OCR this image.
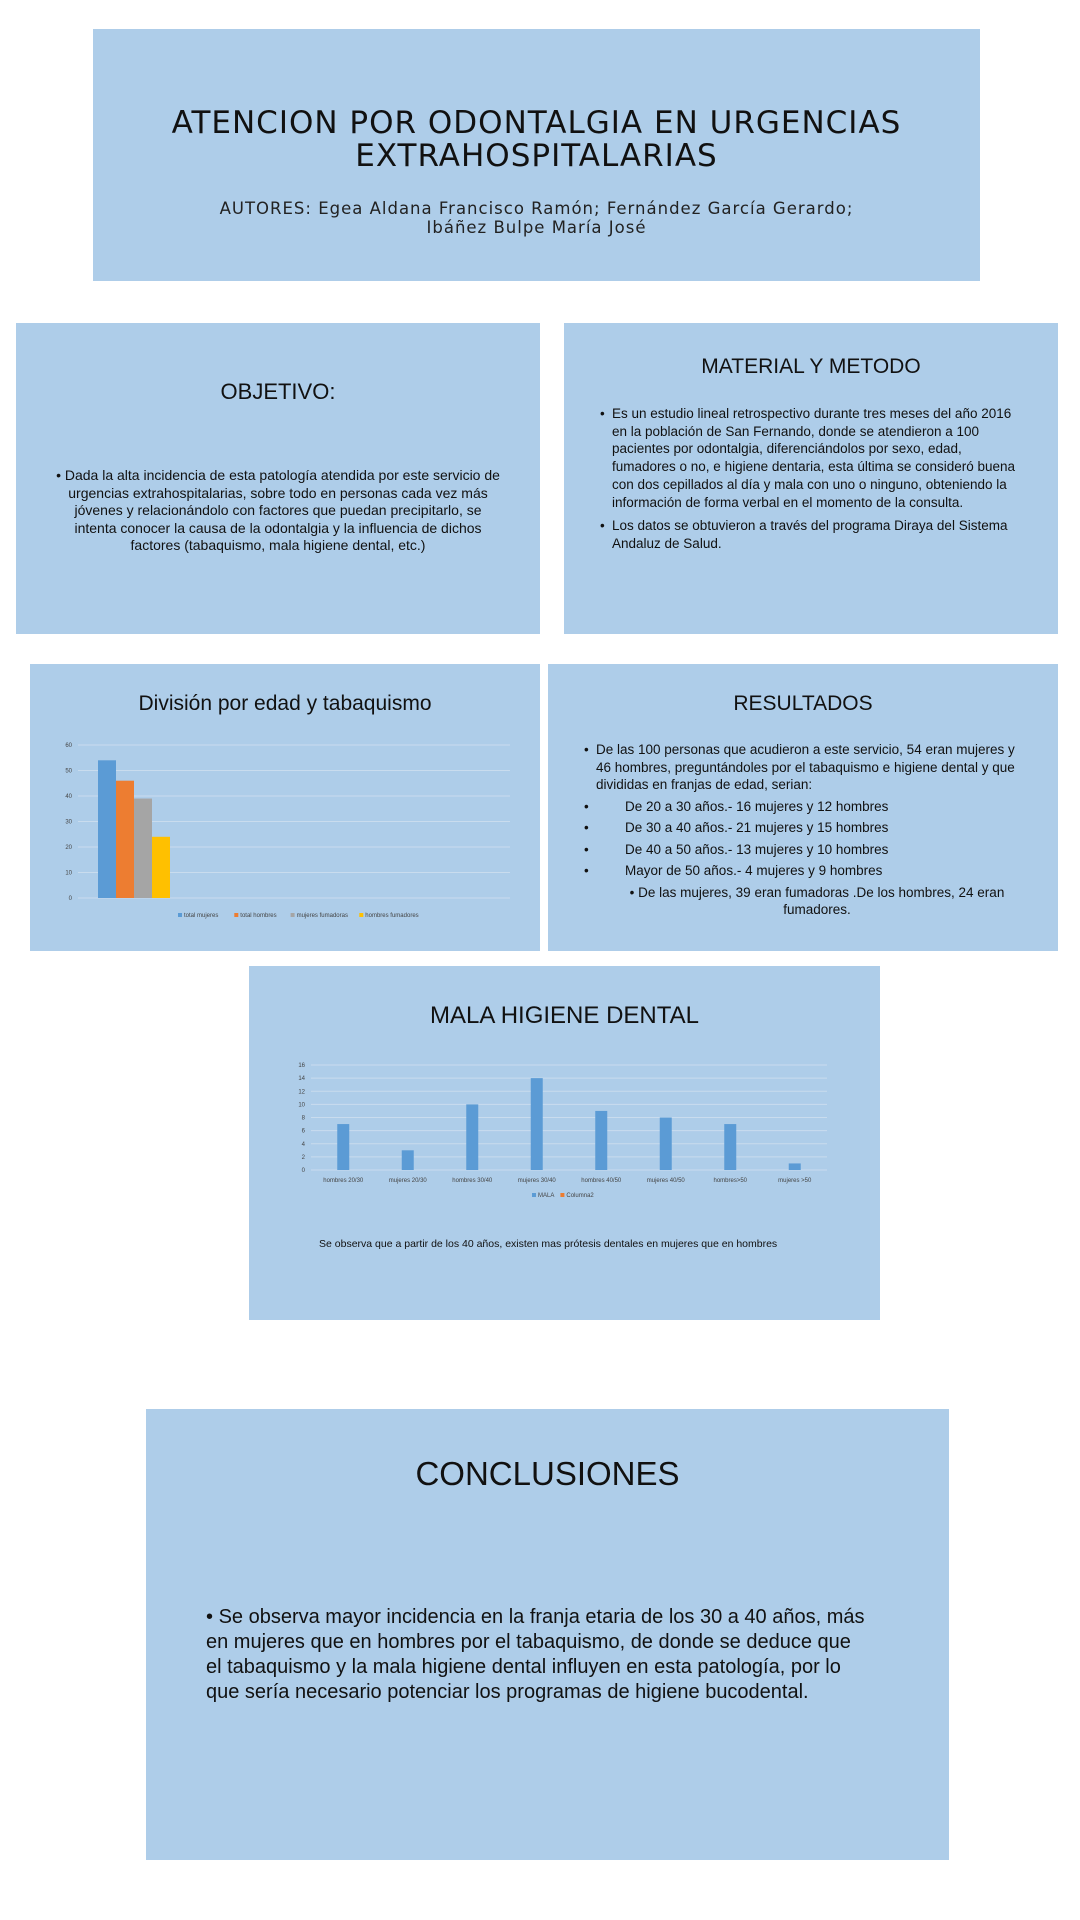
ATENCION POR ODONTALGIA EN URGENCIAS EXTRAHOSPITALARIAS
AUTORES: Egea Aldana Francisco Ramón; Fernández García Gerardo; Ibáñez Bulpe María José
OBJETIVO:
• Dada la alta incidencia de esta patología atendida por este servicio de urgencias extrahospitalarias, sobre todo en personas cada vez más jóvenes y relacionándolo con factores que puedan precipitarlo, se intenta conocer la causa de la odontalgia y la influencia de dichos factores (tabaquismo, mala higiene dental, etc.)
MATERIAL Y METODO
• Es un estudio lineal retrospectivo durante tres meses del año 2016 en la población de San Fernando, donde se atendieron a 100 pacientes por odontalgia, diferenciándolos por sexo, edad, fumadores o no, e higiene dentaria, esta última se consideró buena con dos cepillados al día y mala con uno o ninguno, obteniendo la información de forma verbal en el momento de la consulta.
• Los datos se obtuvieron a través del programa Diraya del Sistema Andaluz de Salud.
División por edad y tabaquismo
0
10
20
30
40
50
60
total mujeres	total hombres	mujeres fumadoras	hombres fumadores
RESULTADOS
• De las 100 personas que acudieron a este servicio, 54 eran mujeres y 46 hombres, preguntándoles por el tabaquismo e higiene dental y que divididas en franjas de edad, serian:
•	De 20 a 30 años.- 16 mujeres y 12 hombres
•	De 30 a 40 años.- 21 mujeres y 15 hombres
•	De 40 a 50 años.- 13 mujeres y 10 hombres
•	Mayor de 50 años.- 4 mujeres y 9 hombres
• De las mujeres, 39 eran fumadoras .De los hombres, 24 eran fumadores.
MALA HIGIENE DENTAL
0
2
4
6
8
10
12
14
16
hombres 20/30	mujeres 20/30	hombres 30/40	mujeres 30/40	hombres 40/50	mujeres 40/50	hombres>50	mujeres >50
MALA Columna2
Se observa que a partir de los 40 años, existen mas prótesis dentales en mujeres que en hombres
CONCLUSIONES
• Se observa mayor incidencia en la franja etaria de los 30 a 40 años, más en mujeres que en hombres por el tabaquismo, de donde se deduce que el tabaquismo y la mala higiene dental influyen en esta patología, por lo que sería necesario potenciar los programas de higiene bucodental.
